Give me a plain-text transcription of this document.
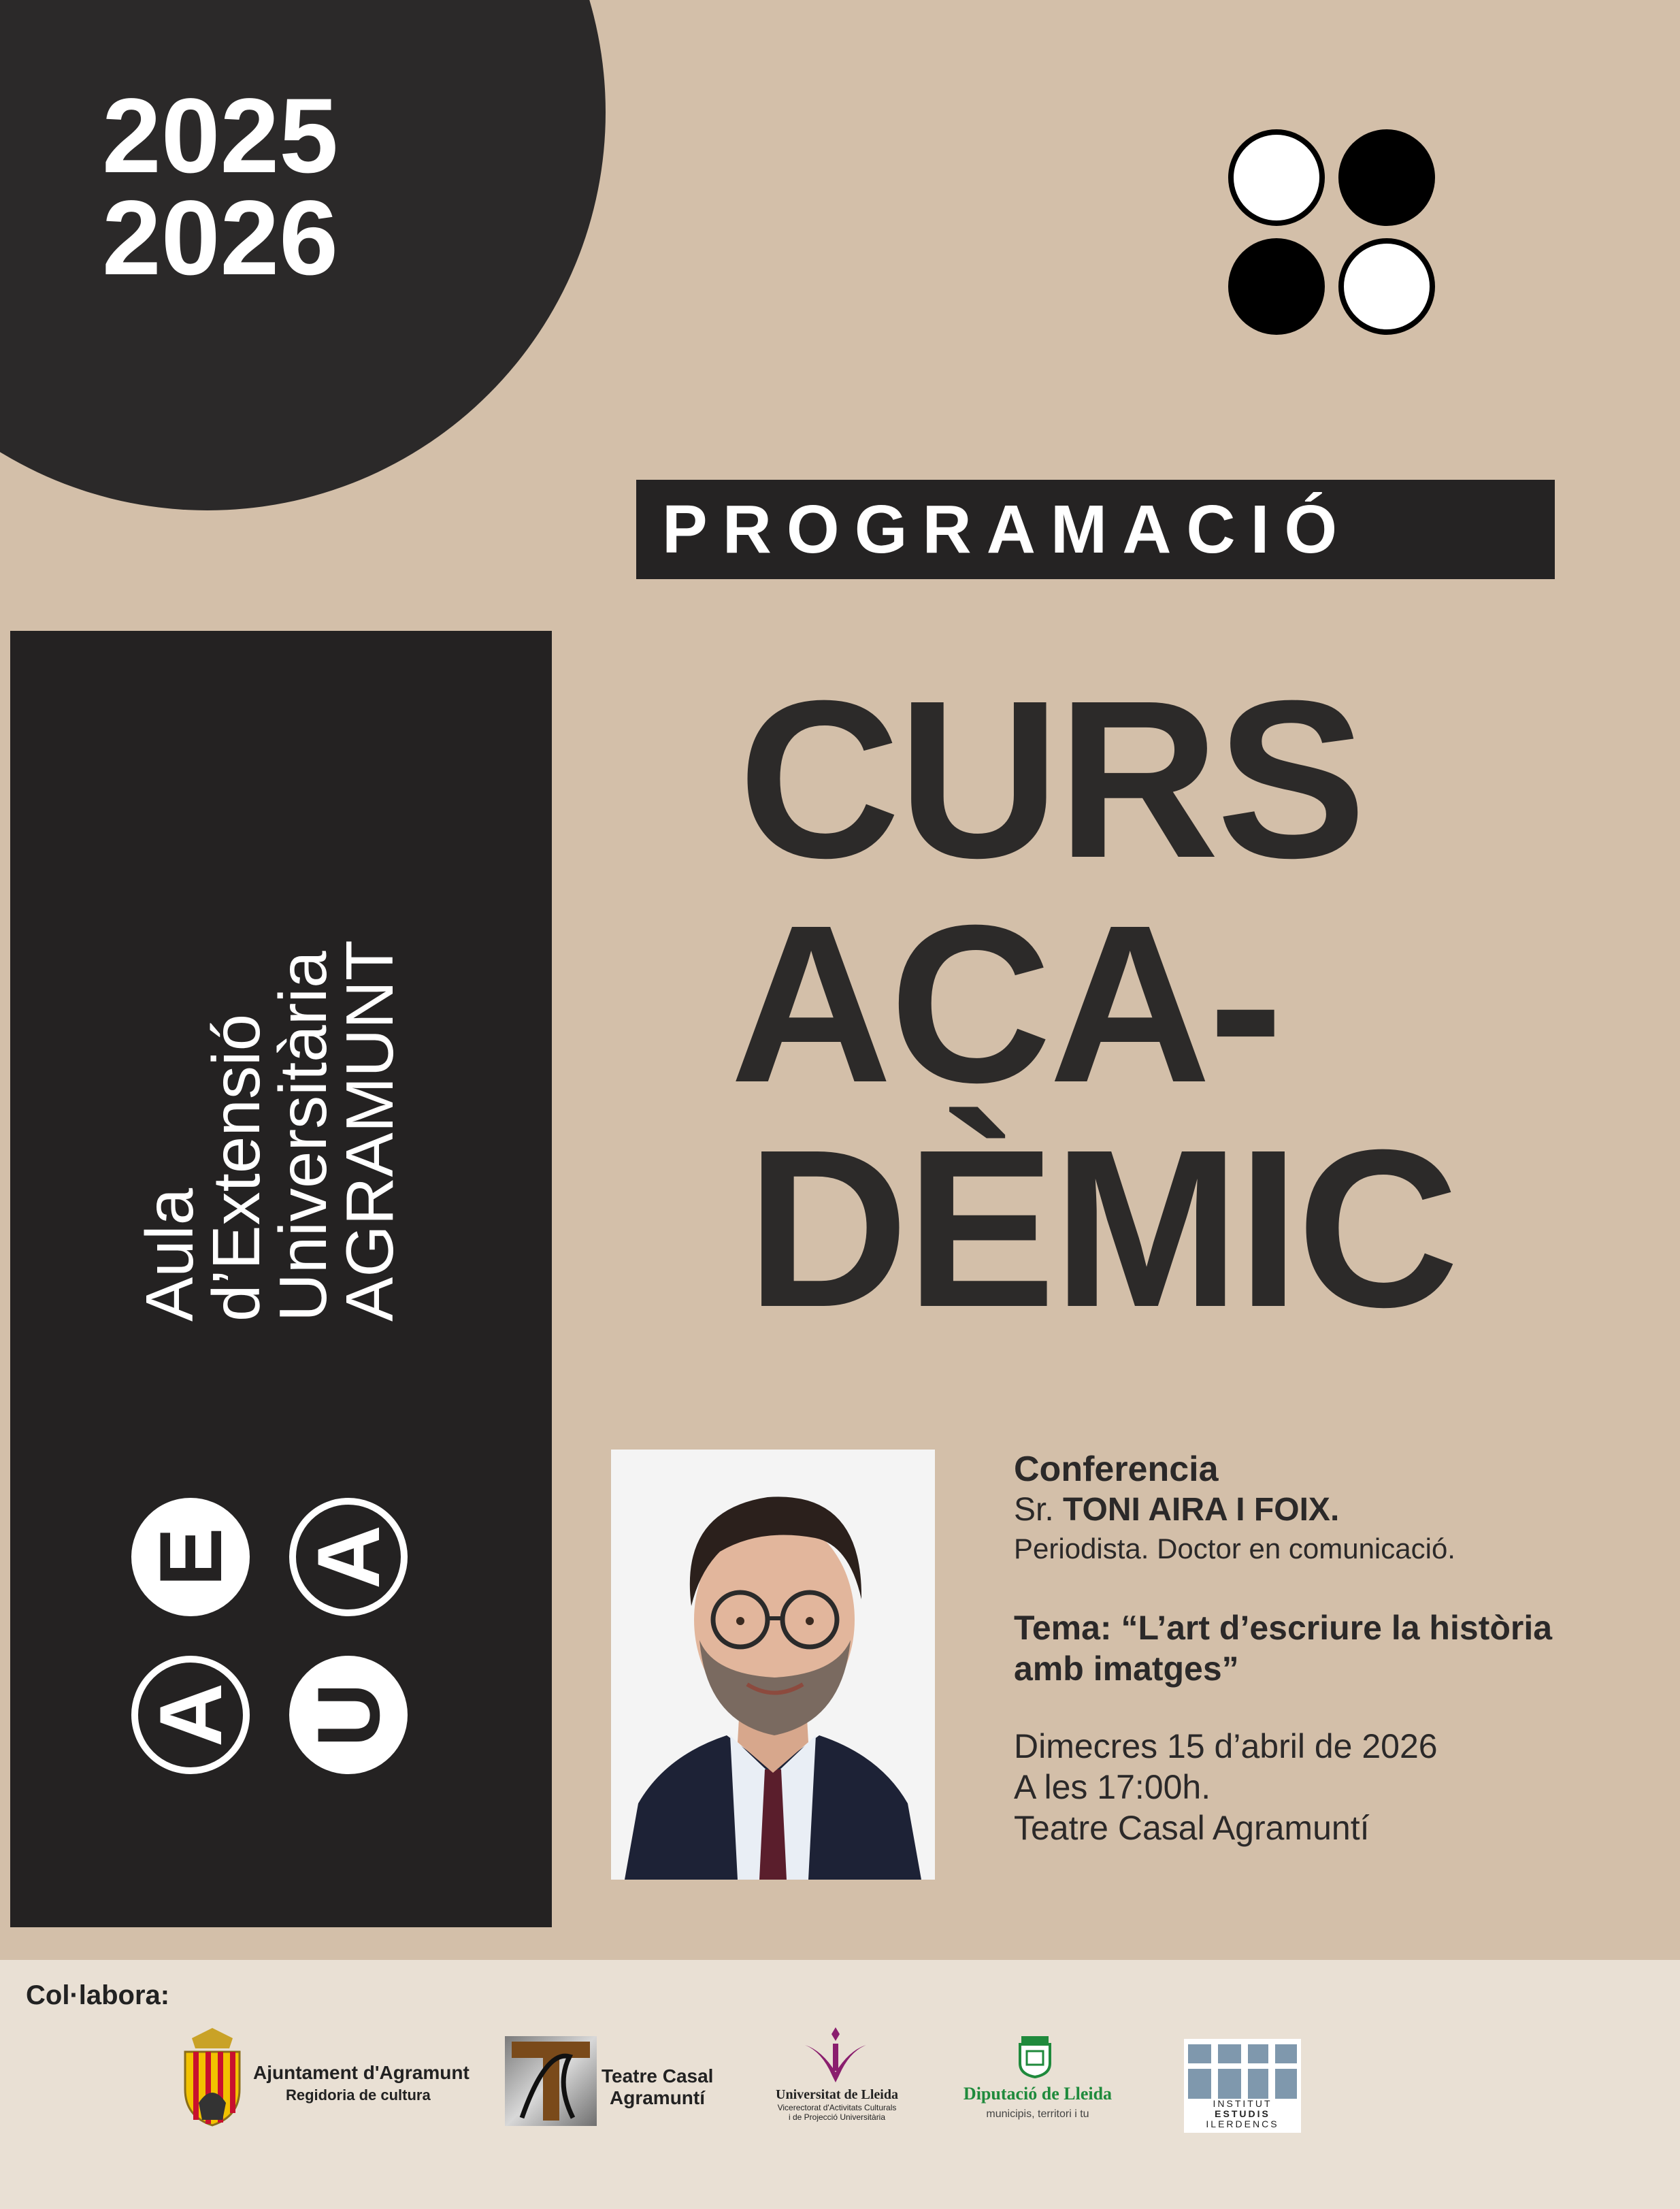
2025
2026
PROGRAMACIÓ
CURS
ACA-
DÈMIC
Aula
d’Extensió
Universitària
AGRAMUNT
A
E
U
A
Conferencia
Sr. TONI AIRA I FOIX.
Periodista. Doctor en comunicació.
Tema: “L’art d’escriure la història
amb imatges”
Dimecres 15 d’abril de 2026
A les 17:00h.
Teatre Casal Agramuntí
Col·labora:
Ajuntament d'Agramunt
Regidoria de cultura
Teatre Casal
Agramuntí	Universitat de Lleida
Vicerectorat d'Activitats Culturals
i de Projecció Universitària
Diputació de Lleida
municipis, territori i tu
INSTITUT
ESTUDIS
ILERDENCS
